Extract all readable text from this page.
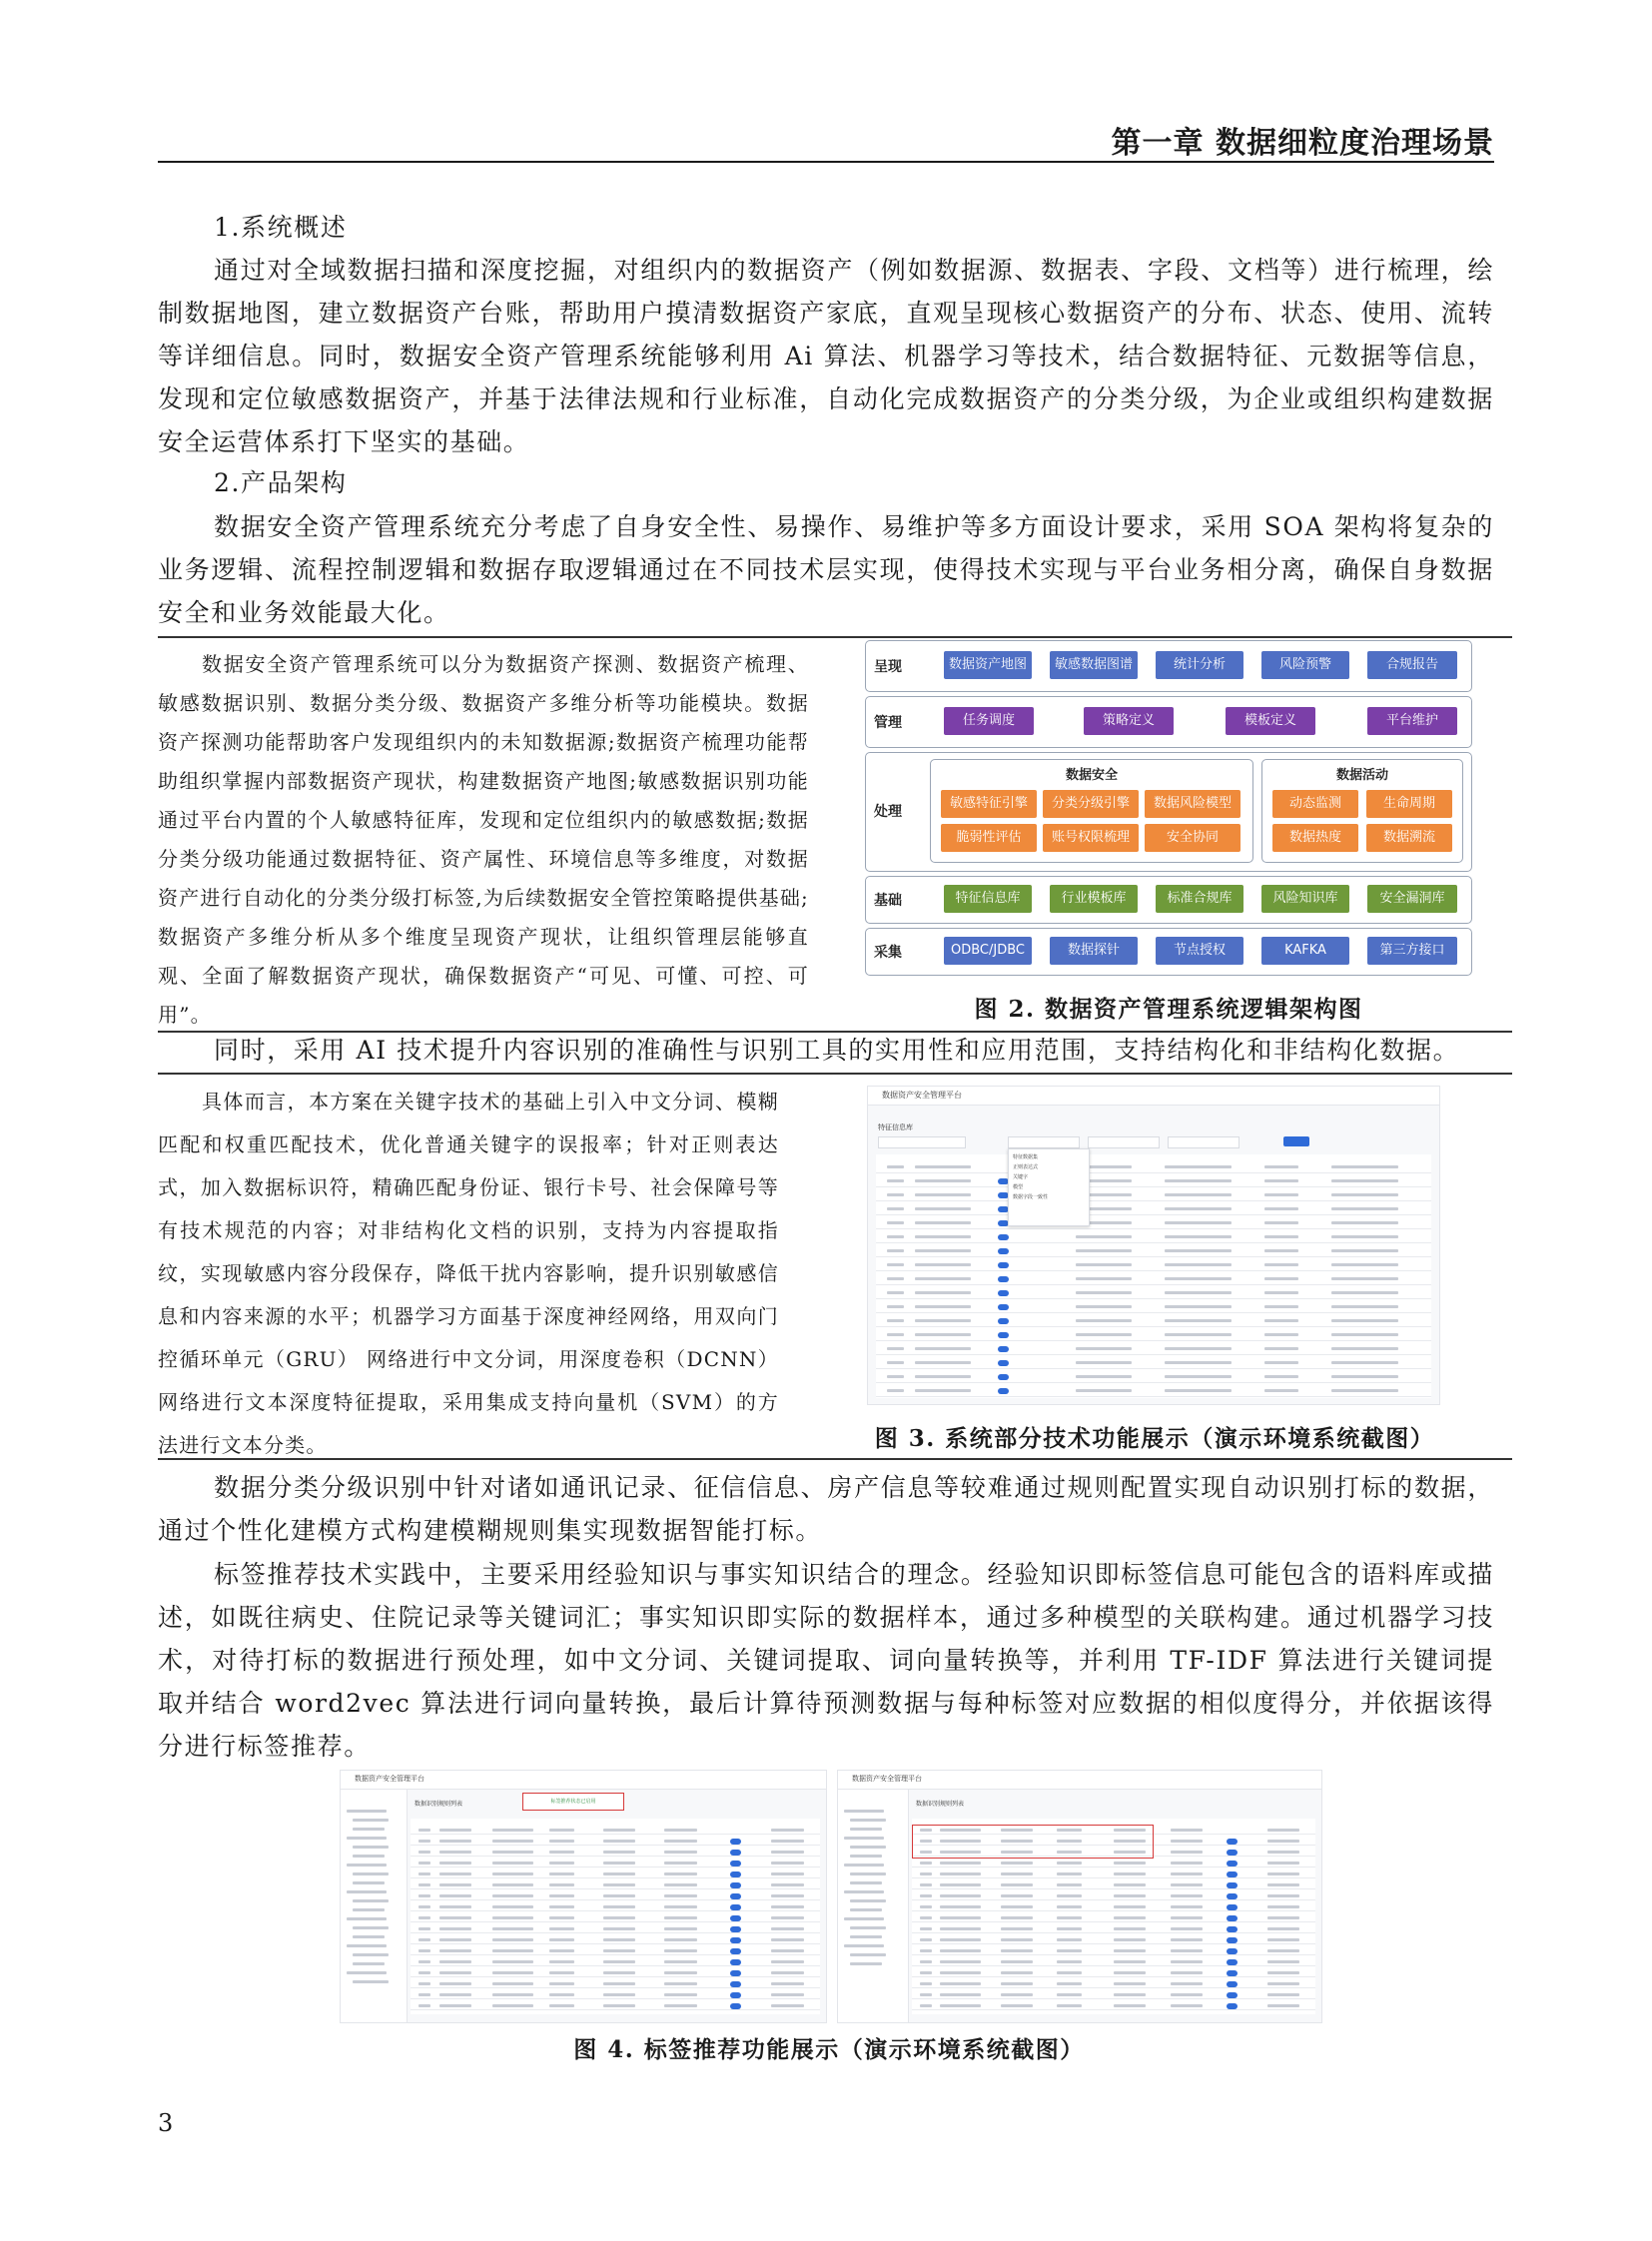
第一章 数据细粒度治理场景
1.系统概述
通过对全域数据扫描和深度挖掘，对组织内的数据资产（例如数据源、数据表、字段、文档等）进行梳理，绘制数据地图，建立数据资产台账，帮助用户摸清数据资产家底，直观呈现核心数据资产的分布、状态、使用、流转等详细信息。同时，数据安全资产管理系统能够利用 Ai 算法、机器学习等技术，结合数据特征、元数据等信息，发现和定位敏感数据资产，并基于法律法规和行业标准，自动化完成数据资产的分类分级，为企业或组织构建数据安全运营体系打下坚实的基础。
2.产品架构
数据安全资产管理系统充分考虑了自身安全性、易操作、易维护等多方面设计要求，采用 SOA 架构将复杂的业务逻辑、流程控制逻辑和数据存取逻辑通过在不同技术层实现，使得技术实现与平台业务相分离，确保自身数据安全和业务效能最大化。
数据安全资产管理系统可以分为数据资产探测、数据资产梳理、敏感数据识别、数据分类分级、数据资产多维分析等功能模块。数据资产探测功能帮助客户发现组织内的未知数据源;数据资产梳理功能帮助组织掌握内部数据资产现状，构建数据资产地图;敏感数据识别功能通过平台内置的个人敏感特征库，发现和定位组织内的敏感数据;数据分类分级功能通过数据特征、资产属性、环境信息等多维度，对数据资产进行自动化的分类分级打标签,为后续数据安全管控策略提供基础;数据资产多维分析从多个维度呈现资产现状，让组织管理层能够直观、全面了解数据资产现状，确保数据资产“可见、可懂、可控、可用”。
呈现	数据资产地图	敏感数据图谱	统计分析	风险预警	合规报告
管理	任务调度	策略定义	模板定义	平台维护
处理
数据安全
敏感特征引擎	分类分级引擎	数据风险模型
脆弱性评估	账号权限梳理	安全协同
数据活动
动态监测	生命周期
数据热度	数据溯流
基础	特征信息库	行业模板库	标准合规库	风险知识库	安全漏洞库
采集	ODBC/JDBC	数据探针	节点授权	KAFKA	第三方接口
图 2. 数据资产管理系统逻辑架构图
同时，采用 AI 技术提升内容识别的准确性与识别工具的实用性和应用范围，支持结构化和非结构化数据。
具体而言，本方案在关键字技术的基础上引入中文分词、模糊匹配和权重匹配技术，优化普通关键字的误报率；针对正则表达式，加入数据标识符，精确匹配身份证、银行卡号、社会保障号等有技术规范的内容；对非结构化文档的识别，支持为内容提取指纹，实现敏感内容分段保存，降低干扰内容影响，提升识别敏感信息和内容来源的水平；机器学习方面基于深度神经网络，用双向门控循环单元（GRU） 网络进行中文分词，用深度卷积（DCNN）网络进行文本深度特征提取，采用集成支持向量机（SVM）的方法进行文本分类。
数据资产安全管理平台
特征信息库
特征数据集
正则表达式
关键字
模型
数据字段一致性
图 3. 系统部分技术功能展示（演示环境系统截图）
数据分类分级识别中针对诸如通讯记录、征信信息、房产信息等较难通过规则配置实现自动识别打标的数据，通过个性化建模方式构建模糊规则集实现数据智能打标。
标签推荐技术实践中，主要采用经验知识与事实知识结合的理念。经验知识即标签信息可能包含的语料库或描述，如既往病史、住院记录等关键词汇；事实知识即实际的数据样本，通过多种模型的关联构建。通过机器学习技术，对待打标的数据进行预处理，如中文分词、关键词提取、词向量转换等，并利用 TF-IDF 算法进行关键词提取并结合 word2vec 算法进行词向量转换，最后计算待预测数据与每种标签对应数据的相似度得分，并依据该得分进行标签推荐。
数据资产安全管理平台
数据识别规则列表	标签推荐状态已启用
数据资产安全管理平台
数据识别规则列表
图 4. 标签推荐功能展示（演示环境系统截图）
3
